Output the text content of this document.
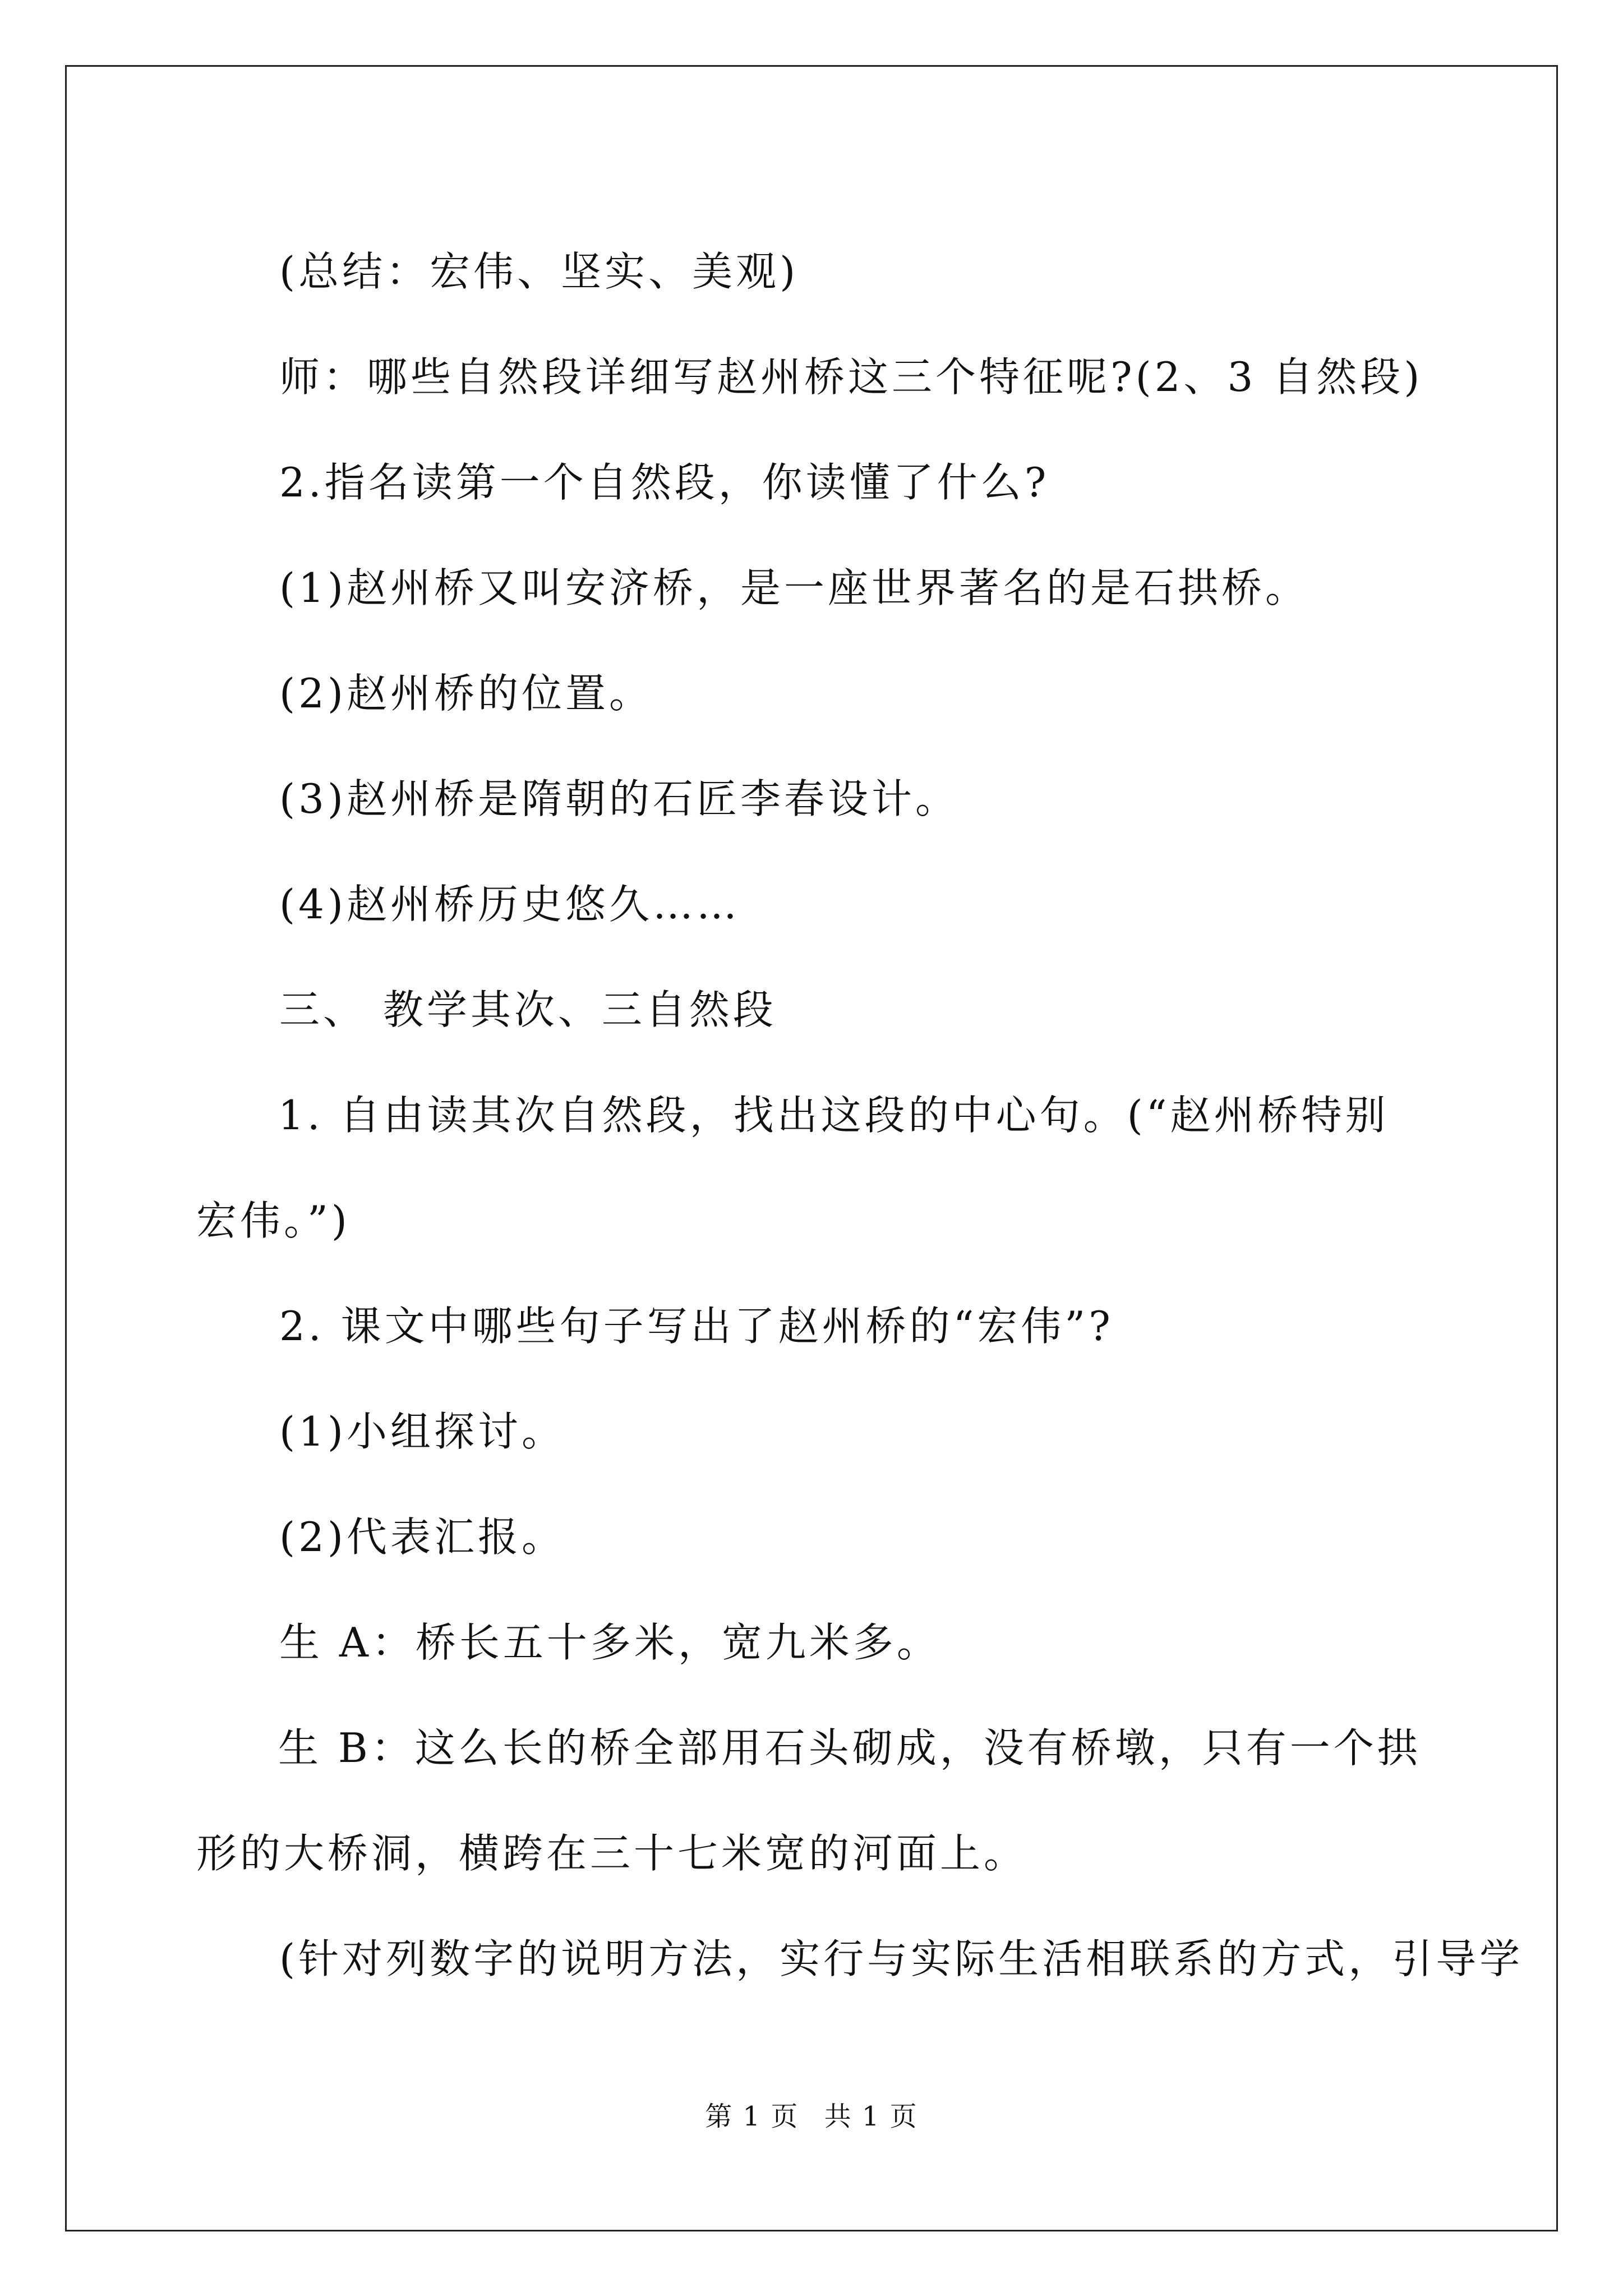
(总结：宏伟、坚实、美观)

师：哪些自然段详细写赵州桥这三个特征呢?(2、3 自然段)

2.指名读第一个自然段，你读懂了什么?

(1)赵州桥又叫安济桥，是一座世界著名的是石拱桥。

(2)赵州桥的位置。

(3)赵州桥是隋朝的石匠李春设计。

(4)赵州桥历史悠久……

三、 教学其次、三自然段

1. 自由读其次自然段，找出这段的中心句。(“赵州桥特别宏伟。”)

2. 课文中哪些句子写出了赵州桥的“宏伟”?

(1)小组探讨。

(2)代表汇报。

生 A：桥长五十多米，宽九米多。

生 B：这么长的桥全部用石头砌成，没有桥墩，只有一个拱形的大桥洞，横跨在三十七米宽的河面上。

(针对列数字的说明方法，实行与实际生活相联系的方式，引导学

第 1 页 共 1 页
